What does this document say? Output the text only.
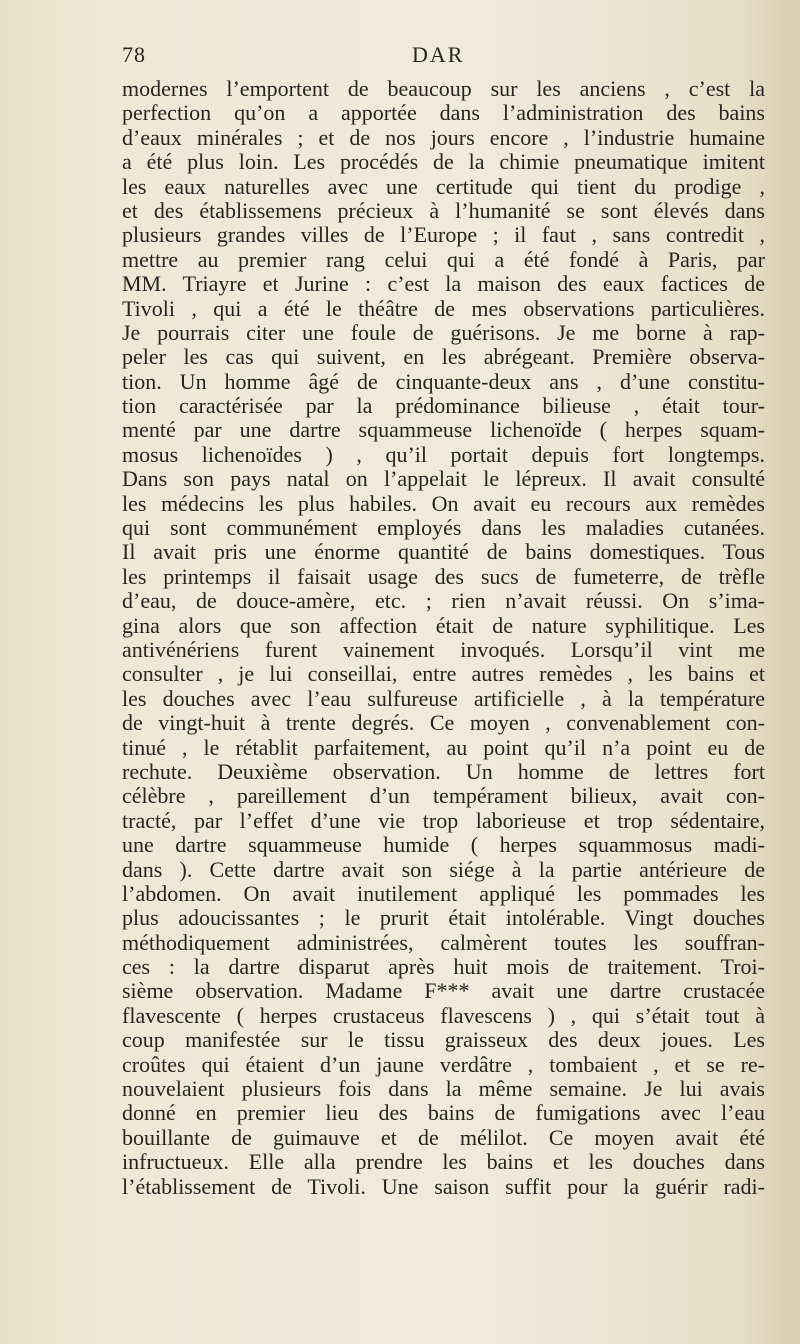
78	DAR
modernes l’emportent de beaucoup sur les anciens , c’est la
perfection qu’on a apportée dans l’administration des bains
d’eaux minérales ; et de nos jours encore , l’industrie humaine
a été plus loin. Les procédés de la chimie pneumatique imitent
les eaux naturelles avec une certitude qui tient du prodige ,
et des établissemens précieux à l’humanité se sont élevés dans
plusieurs grandes villes de l’Europe ; il faut , sans contredit ,
mettre au premier rang celui qui a été fondé à Paris, par
MM. Triayre et Jurine : c’est la maison des eaux factices de
Tivoli , qui a été le théâtre de mes observations particulières.
Je pourrais citer une foule de guérisons. Je me borne à rap-
peler les cas qui suivent, en les abrégeant. Première observa-
tion. Un homme âgé de cinquante-deux ans , d’une constitu-
tion caractérisée par la prédominance bilieuse , était tour-
menté par une dartre squammeuse lichenoïde ( herpes squam-
mosus lichenoïdes ) , qu’il portait depuis fort longtemps.
Dans son pays natal on l’appelait le lépreux. Il avait consulté
les médecins les plus habiles. On avait eu recours aux remèdes
qui sont communément employés dans les maladies cutanées.
Il avait pris une énorme quantité de bains domestiques. Tous
les printemps il faisait usage des sucs de fumeterre, de trèfle
d’eau, de douce-amère, etc. ; rien n’avait réussi. On s’ima-
gina alors que son affection était de nature syphilitique. Les
antivénériens furent vainement invoqués. Lorsqu’il vint me
consulter , je lui conseillai, entre autres remèdes , les bains et
les douches avec l’eau sulfureuse artificielle , à la température
de vingt-huit à trente degrés. Ce moyen , convenablement con-
tinué , le rétablit parfaitement, au point qu’il n’a point eu de
rechute. Deuxième observation. Un homme de lettres fort
célèbre , pareillement d’un tempérament bilieux, avait con-
tracté, par l’effet d’une vie trop laborieuse et trop sédentaire,
une dartre squammeuse humide ( herpes squammosus madi-
dans ). Cette dartre avait son siége à la partie antérieure de
l’abdomen. On avait inutilement appliqué les pommades les
plus adoucissantes ; le prurit était intolérable. Vingt douches
méthodiquement administrées, calmèrent toutes les souffran-
ces : la dartre disparut après huit mois de traitement. Troi-
sième observation. Madame F*** avait une dartre crustacée
flavescente ( herpes crustaceus flavescens ) , qui s’était tout à
coup manifestée sur le tissu graisseux des deux joues. Les
croûtes qui étaient d’un jaune verdâtre , tombaient , et se re-
nouvelaient plusieurs fois dans la même semaine. Je lui avais
donné en premier lieu des bains de fumigations avec l’eau
bouillante de guimauve et de mélilot. Ce moyen avait été
infructueux. Elle alla prendre les bains et les douches dans
l’établissement de Tivoli. Une saison suffit pour la guérir radi-
